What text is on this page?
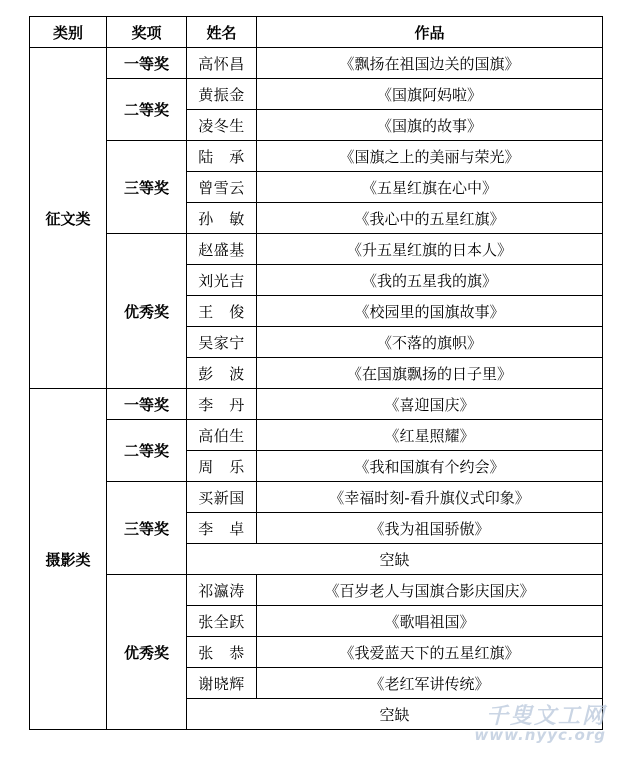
类别	奖项	姓名	作品
征文类	一等奖	高怀昌	《飘扬在祖国边关的国旗》
	二等奖	黄振金	《国旗阿妈啦》
		凌冬生	《国旗的故事》
	三等奖	陆　承	《国旗之上的美丽与荣光》
		曾雪云	《五星红旗在心中》
		孙　敏	《我心中的五星红旗》
	优秀奖	赵盛基	《升五星红旗的日本人》
		刘光吉	《我的五星我的旗》
		王　俊	《校园里的国旗故事》
		吴家宁	《不落的旗帜》
		彭　波	《在国旗飘扬的日子里》
摄影类	一等奖	李　丹	《喜迎国庆》
	二等奖	高伯生	《红星照耀》
		周　乐	《我和国旗有个约会》
	三等奖	买新国	《幸福时刻-看升旗仪式印象》
		李　卓	《我为祖国骄傲》
		空缺	
	优秀奖	祁瀛涛	《百岁老人与国旗合影庆国庆》
		张全跃	《歌唱祖国》
		张　恭	《我爱蓝天下的五星红旗》
		谢晓辉	《老红军讲传统》
		空缺		千叟文工网
www.nyyc.org
